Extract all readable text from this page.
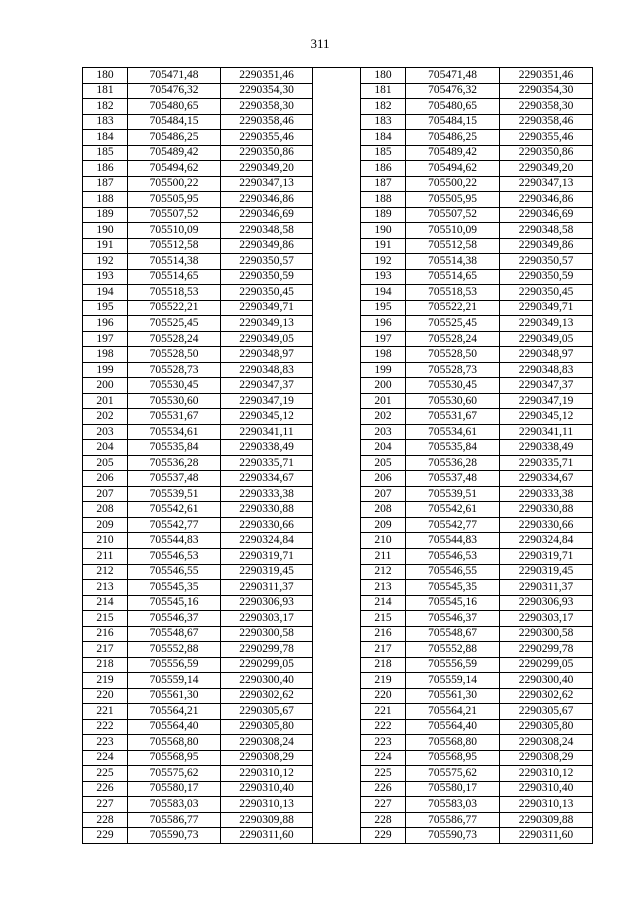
311
180	705471,48	2290351,46		180	705471,48	2290351,46
181	705476,32	2290354,30		181	705476,32	2290354,30
182	705480,65	2290358,30		182	705480,65	2290358,30
183	705484,15	2290358,46		183	705484,15	2290358,46
184	705486,25	2290355,46		184	705486,25	2290355,46
185	705489,42	2290350,86		185	705489,42	2290350,86
186	705494,62	2290349,20		186	705494,62	2290349,20
187	705500,22	2290347,13		187	705500,22	2290347,13
188	705505,95	2290346,86		188	705505,95	2290346,86
189	705507,52	2290346,69		189	705507,52	2290346,69
190	705510,09	2290348,58		190	705510,09	2290348,58
191	705512,58	2290349,86		191	705512,58	2290349,86
192	705514,38	2290350,57		192	705514,38	2290350,57
193	705514,65	2290350,59		193	705514,65	2290350,59
194	705518,53	2290350,45		194	705518,53	2290350,45
195	705522,21	2290349,71		195	705522,21	2290349,71
196	705525,45	2290349,13		196	705525,45	2290349,13
197	705528,24	2290349,05		197	705528,24	2290349,05
198	705528,50	2290348,97		198	705528,50	2290348,97
199	705528,73	2290348,83		199	705528,73	2290348,83
200	705530,45	2290347,37		200	705530,45	2290347,37
201	705530,60	2290347,19		201	705530,60	2290347,19
202	705531,67	2290345,12		202	705531,67	2290345,12
203	705534,61	2290341,11		203	705534,61	2290341,11
204	705535,84	2290338,49		204	705535,84	2290338,49
205	705536,28	2290335,71		205	705536,28	2290335,71
206	705537,48	2290334,67		206	705537,48	2290334,67
207	705539,51	2290333,38		207	705539,51	2290333,38
208	705542,61	2290330,88		208	705542,61	2290330,88
209	705542,77	2290330,66		209	705542,77	2290330,66
210	705544,83	2290324,84		210	705544,83	2290324,84
211	705546,53	2290319,71		211	705546,53	2290319,71
212	705546,55	2290319,45		212	705546,55	2290319,45
213	705545,35	2290311,37		213	705545,35	2290311,37
214	705545,16	2290306,93		214	705545,16	2290306,93
215	705546,37	2290303,17		215	705546,37	2290303,17
216	705548,67	2290300,58		216	705548,67	2290300,58
217	705552,88	2290299,78		217	705552,88	2290299,78
218	705556,59	2290299,05		218	705556,59	2290299,05
219	705559,14	2290300,40		219	705559,14	2290300,40
220	705561,30	2290302,62		220	705561,30	2290302,62
221	705564,21	2290305,67		221	705564,21	2290305,67
222	705564,40	2290305,80		222	705564,40	2290305,80
223	705568,80	2290308,24		223	705568,80	2290308,24
224	705568,95	2290308,29		224	705568,95	2290308,29
225	705575,62	2290310,12		225	705575,62	2290310,12
226	705580,17	2290310,40		226	705580,17	2290310,40
227	705583,03	2290310,13		227	705583,03	2290310,13
228	705586,77	2290309,88		228	705586,77	2290309,88
229	705590,73	2290311,60		229	705590,73	2290311,60
